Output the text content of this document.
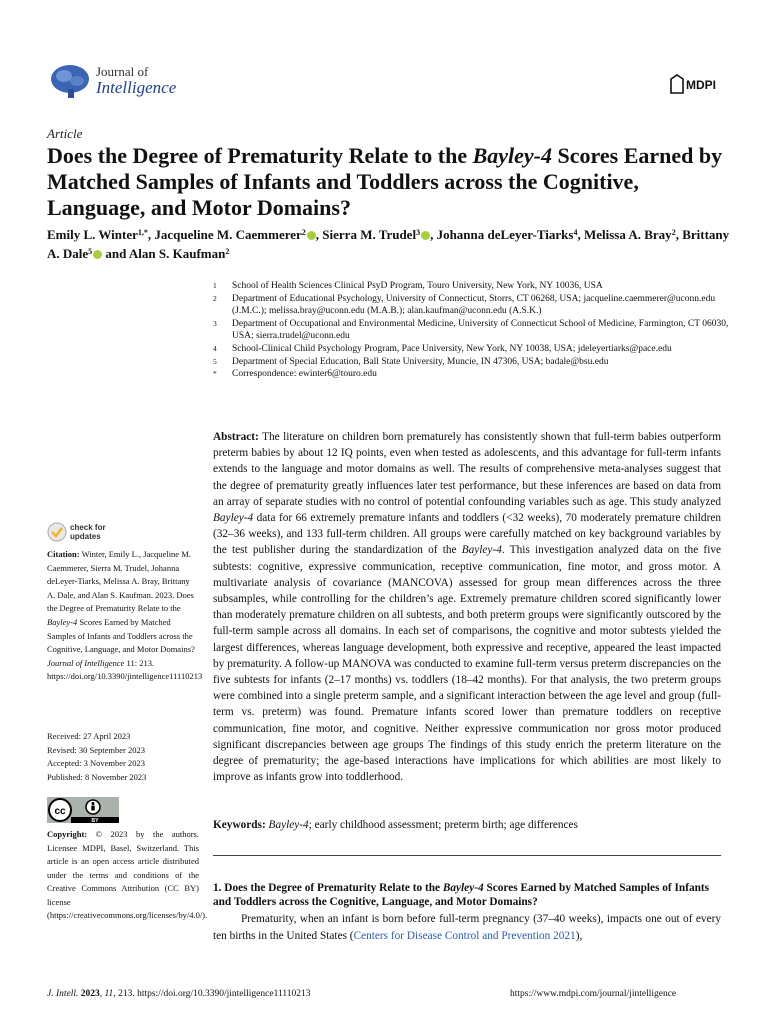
Journal of
Intelligence	MDPI
Article
Does the Degree of Prematurity Relate to the Bayley-4 Scores Earned by Matched Samples of Infants and Toddlers across the Cognitive, Language, and Motor Domains?
Emily L. Winter$^{1,*}$, Jacqueline M. Caemmerer$^2$ , Sierra M. Trudel$^3$ , Johanna deLeyer-Tiarks$^4$, Melissa A. Bray$^2$, Brittany A. Dale$^5$ and Alan S. Kaufman$^2$
1	School of Health Sciences Clinical PsyD Program, Touro University, New York, NY 10036, USA
2	Department of Educational Psychology, University of Connecticut, Storrs, CT 06268, USA; jacqueline.caemmerer@uconn.edu (J.M.C.); melissa.bray@uconn.edu (M.A.B.); alan.kaufman@uconn.edu (A.S.K.)
3	Department of Occupational and Environmental Medicine, University of Connecticut School of Medicine, Farmington, CT 06030, USA; sierra.trudel@uconn.edu
4	School-Clinical Child Psychology Program, Pace University, New York, NY 10038, USA; jdeleyertiarks@pace.edu
5	Department of Special Education, Ball State University, Muncie, IN 47306, USA; badale@bsu.edu
*	Correspondence: ewinter6@touro.edu
Abstract: The literature on children born prematurely has consistently shown that full-term babies outperform preterm babies by about 12 IQ points, even when tested as adolescents, and this advantage for full-term infants extends to the language and motor domains as well. The results of comprehensive meta-analyses suggest that the degree of prematurity greatly influences later test performance, but these inferences are based on data from an array of separate studies with no control of potential confounding variables such as age. This study analyzed Bayley-4 data for 66 extremely premature infants and toddlers (<32 weeks), 70 moderately premature children (32–36 weeks), and 133 full-term children. All groups were carefully matched on key background variables by the test publisher during the standardization of the Bayley-4. This investigation analyzed data on the five subtests: cognitive, expressive communication, receptive communication, fine motor, and gross motor. A multivariate analysis of covariance (MANCOVA) assessed for group mean differences across the three subsamples, while controlling for the children’s age. Extremely premature children scored significantly lower than moderately premature children on all subtests, and both preterm groups were significantly outscored by the full-term sample across all domains. In each set of comparisons, the cognitive and motor subtests yielded the largest differences, whereas language development, both expressive and receptive, appeared the least impacted by prematurity. A follow-up MANOVA was conducted to examine full-term versus preterm discrepancies on the five subtests for infants (2–17 months) vs. toddlers (18–42 months). For that analysis, the two preterm groups were combined into a single preterm sample, and a significant interaction between the age level and group (full-term vs. preterm) was found. Premature infants scored lower than premature toddlers on receptive communication, fine motor, and cognitive. Neither expressive communication nor gross motor produced significant discrepancies between age groups The findings of this study enrich the preterm literature on the degree of prematurity; the age-based interactions have implications for which abilities are most likely to improve as infants grow into toddlerhood.
Keywords: Bayley-4; early childhood assessment; preterm birth; age differences
1. Does the Degree of Prematurity Relate to the Bayley-4 Scores Earned by Matched Samples of Infants and Toddlers across the Cognitive, Language, and Motor Domains?
Prematurity, when an infant is born before full-term pregnancy (37–40 weeks), impacts one out of every ten births in the United States (Centers for Disease Control and Prevention 2021),
check for
updates
Citation: Winter, Emily L., Jacqueline M. Caemmerer, Sierra M. Trudel, Johanna deLeyer-Tiarks, Melissa A. Bray, Brittany A. Dale, and Alan S. Kaufman. 2023. Does the Degree of Prematurity Relate to the Bayley-4 Scores Earned by Matched Samples of Infants and Toddlers across the Cognitive, Language, and Motor Domains? Journal of Intelligence 11: 213. https://doi.org/10.3390/jintelligence11110213
Received: 27 April 2023
Revised: 30 September 2023
Accepted: 3 November 2023
Published: 8 November 2023
cc
BY
Copyright: © 2023 by the authors. Licensee MDPI, Basel, Switzerland. This article is an open access article distributed under the terms and conditions of the Creative Commons Attribution (CC BY) license (https://creativecommons.org/licenses/by/4.0/).
J. Intell. 2023, 11, 213. https://doi.org/10.3390/jintelligence11110213	https://www.mdpi.com/journal/jintelligence
